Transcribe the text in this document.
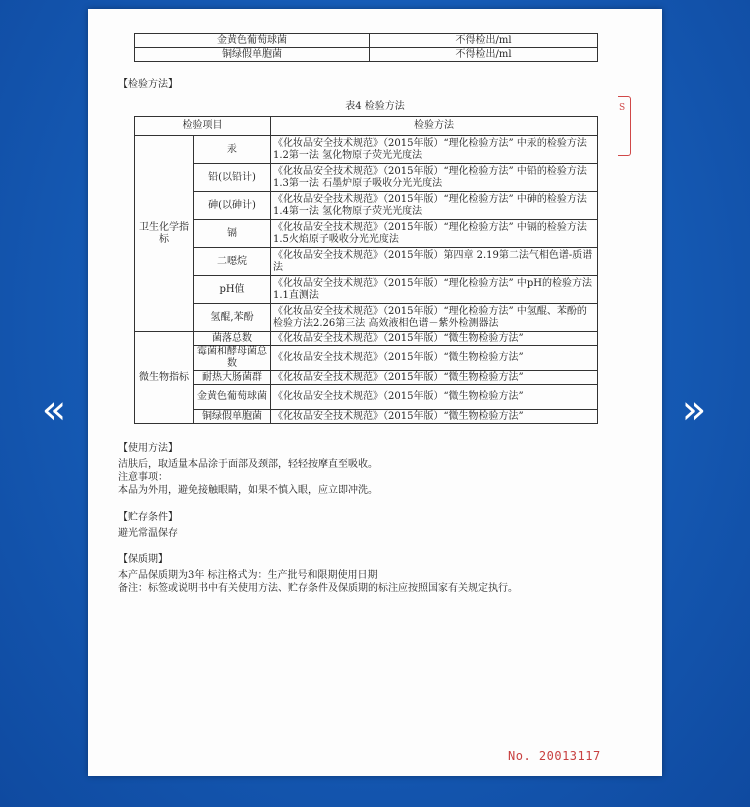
«	»
金黄色葡萄球菌	不得检出/ml
铜绿假单胞菌	不得检出/ml
【检验方法】
表4 检验方法	S
检验项目		检验方法
卫生化学指标	汞	《化妆品安全技术规范》（2015年版）“理化检验方法” 中汞的检验方法1.2第一法 氢化物原子荧光光度法
	铅(以铅计)	《化妆品安全技术规范》（2015年版）“理化检验方法” 中铅的检验方法1.3第一法 石墨炉原子吸收分光光度法
	砷(以砷计)	《化妆品安全技术规范》（2015年版）“理化检验方法” 中砷的检验方法1.4第一法 氢化物原子荧光光度法
	镉	《化妆品安全技术规范》（2015年版）“理化检验方法” 中镉的检验方法 1.5火焰原子吸收分光光度法
	二噁烷	《化妆品安全技术规范》（2015年版）第四章 2.19第二法气相色谱-质谱法
	pH值	《化妆品安全技术规范》（2015年版）“理化检验方法” 中pH的检验方法 1.1直测法
	氢醌,苯酚	《化妆品安全技术规范》（2015年版）“理化检验方法” 中氢醌、苯酚的检验方法2.26第三法 高效液相色谱－紫外检测器法
微生物指标	菌落总数	《化妆品安全技术规范》（2015年版）“微生物检验方法”
	霉菌和酵母菌总数	《化妆品安全技术规范》（2015年版）“微生物检验方法”
	耐热大肠菌群	《化妆品安全技术规范》（2015年版）“微生物检验方法”
	金黄色葡萄球菌	《化妆品安全技术规范》（2015年版）“微生物检验方法”
	铜绿假单胞菌	《化妆品安全技术规范》（2015年版）“微生物检验方法”
【使用方法】
洁肤后，取适量本品涂于面部及颈部，轻轻按摩直至吸收。
注意事项：
本品为外用，避免接触眼睛，如果不慎入眼，应立即冲洗。
【贮存条件】
避光常温保存
【保质期】
本产品保质期为3年 标注格式为：生产批号和限期使用日期
备注：标签或说明书中有关使用方法、贮存条件及保质期的标注应按照国家有关规定执行。
No. 20013117
